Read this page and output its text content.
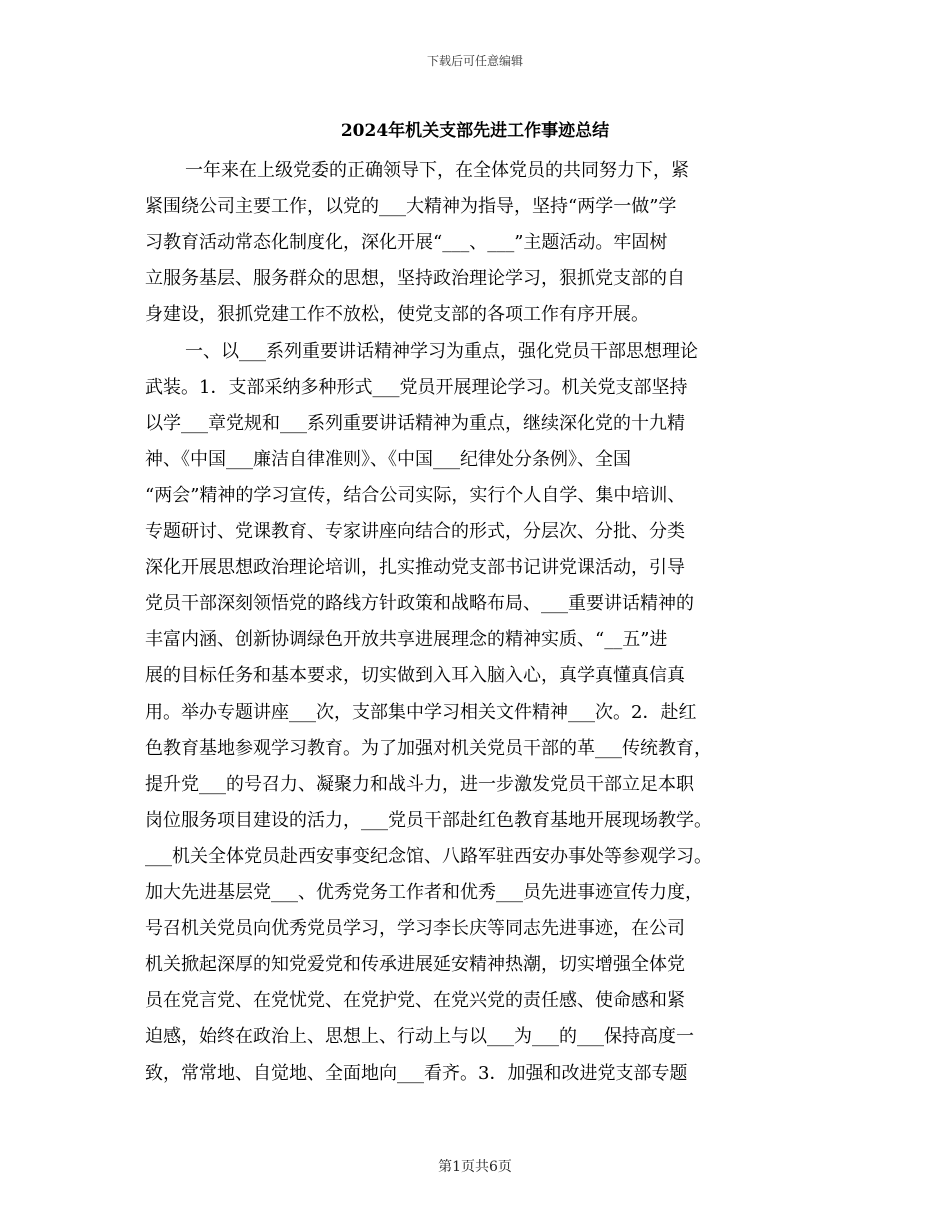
下载后可任意编辑
2024年机关支部先进工作事迹总结
一年来在上级党委的正确领导下，在全体党员的共同努力下，紧
紧围绕公司主要工作，以党的___大精神为指导，坚持“两学一做”学
习教育活动常态化制度化，深化开展“___、___”主题活动。牢固树
立服务基层、服务群众的思想，坚持政治理论学习，狠抓党支部的自
身建设，狠抓党建工作不放松，使党支部的各项工作有序开展。
一、以___系列重要讲话精神学习为重点，强化党员干部思想理论
武装。1．支部采纳多种形式___党员开展理论学习。机关党支部坚持
以学___章党规和___系列重要讲话精神为重点，继续深化党的十九精
神、《中国___廉洁自律准则》、《中国___纪律处分条例》、全国
“两会”精神的学习宣传，结合公司实际，实行个人自学、集中培训、
专题研讨、党课教育、专家讲座向结合的形式，分层次、分批、分类
深化开展思想政治理论培训，扎实推动党支部书记讲党课活动，引导
党员干部深刻领悟党的路线方针政策和战略布局、___重要讲话精神的
丰富内涵、创新协调绿色开放共享进展理念的精神实质、“__五”进
展的目标任务和基本要求，切实做到入耳入脑入心，真学真懂真信真
用。举办专题讲座___次，支部集中学习相关文件精神___次。2．赴红
色教育基地参观学习教育。为了加强对机关党员干部的革___传统教育，
提升党___的号召力、凝聚力和战斗力，进一步激发党员干部立足本职
岗位服务项目建设的活力，___党员干部赴红色教育基地开展现场教学。
___机关全体党员赴西安事变纪念馆、八路军驻西安办事处等参观学习。
加大先进基层党___、优秀党务工作者和优秀___员先进事迹宣传力度，
号召机关党员向优秀党员学习，学习李长庆等同志先进事迹，在公司
机关掀起深厚的知党爱党和传承进展延安精神热潮，切实增强全体党
员在党言党、在党忧党、在党护党、在党兴党的责任感、使命感和紧
迫感，始终在政治上、思想上、行动上与以___为___的___保持高度一
致，常常地、自觉地、全面地向___看齐。3．加强和改进党支部专题
第1页共6页
